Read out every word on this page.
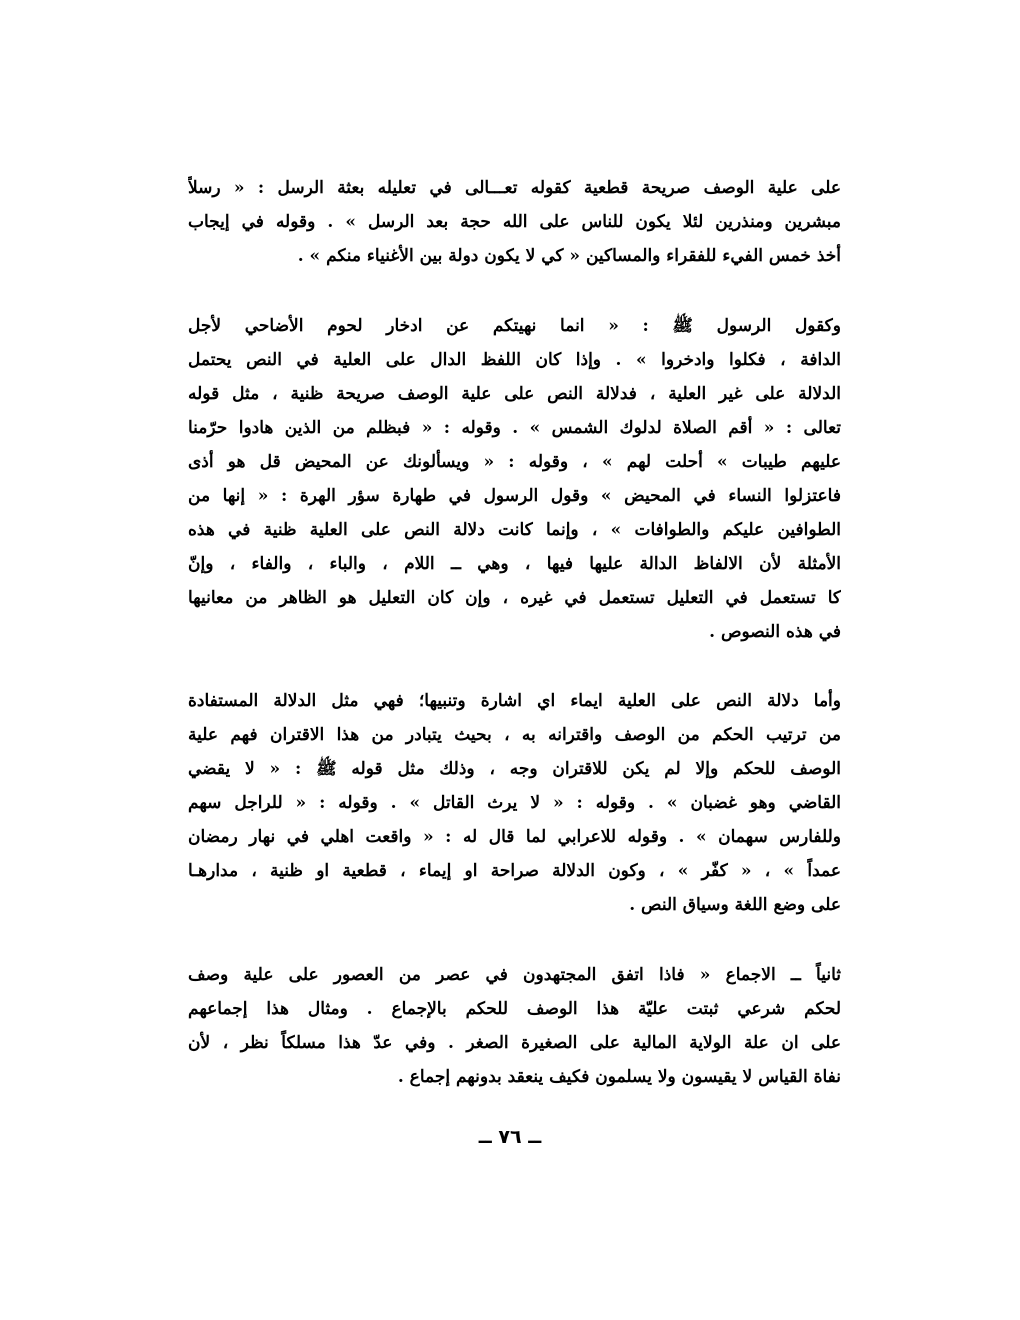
على علية الوصف صريحة قطعية كقوله تعـــالى في تعليله بعثة الرسل : « رسلاً
مبشرين ومنذرين لئلا يكون للناس على الله حجة بعد الرسل » . وقوله في إيجاب
أخذ خمس الفيء للفقراء والمساكين « كي لا يكون دولة بين الأغنياء منكم » .
وكقول الرسول ﷺ : « انما نهيتكم عن ادخار لحوم الأضاحي لأجل
الدافة ، فكلوا وادخروا » . وإذا كان اللفظ الدال على العلية في النص يحتمل
الدلالة على غير العلية ، فدلالة النص على علية الوصف صريحة ظنية ، مثل قوله
تعالى : « أقم الصلاة لدلوك الشمس » . وقوله : « فبظلم من الذين هادوا حرّمنا
عليهم طيبات » أحلت لهم » ، وقوله : « ويسألونك عن المحيض قل هو أذى
فاعتزلوا النساء في المحيض » وقول الرسول في طهارة سؤر الهرة : « إنها من
الطوافين عليكم والطوافات » ، وإنما كانت دلالة النص على العلية ظنية في هذه
الأمثلة لأن الالفاظ الدالة عليها فيها ، وهي ــ اللام ، والباء ، والفاء ، وإنّ
كا تستعمل في التعليل تستعمل في غيره ، وإن كان التعليل هو الظاهر من معانيها
في هذه النصوص .
وأما دلالة النص على العلية ايماء اي اشارة وتنبيها؛ فهي مثل الدلالة المستفادة
من ترتيب الحكم من الوصف واقترانه به ، بحيث يتبادر من هذا الاقتران فهم علية
الوصف للحكم وإلا لم يكن للاقتران وجه ، وذلك مثل قوله ﷺ : « لا يقضي
القاضي وهو غضبان » . وقوله : « لا يرث القاتل » . وقوله : « للراجل سهم
وللفارس سهمان » . وقوله للاعرابي لما قال له : « واقعت اهلي في نهار رمضان
عمداً » ، « كفّر » ، وكون الدلالة صراحة او إيماء ، قطعية او ظنية ، مدارهـا
على وضع اللغة وسياق النص .
ثانياً ــ الاجماع « فاذا اتفق المجتهدون في عصر من العصور على علية وصف
لحكم شرعي ثبتت عليّة هذا الوصف للحكم بالإجماع . ومثال هذا إجماعهم
على ان علة الولاية المالية على الصغيرة الصغر . وفي عدّ هذا مسلكاً نظر ، لأن
نفاة القياس لا يقيسون ولا يسلمون فكيف ينعقد بدونهم إجماع .
ــ ٧٦ ــ
